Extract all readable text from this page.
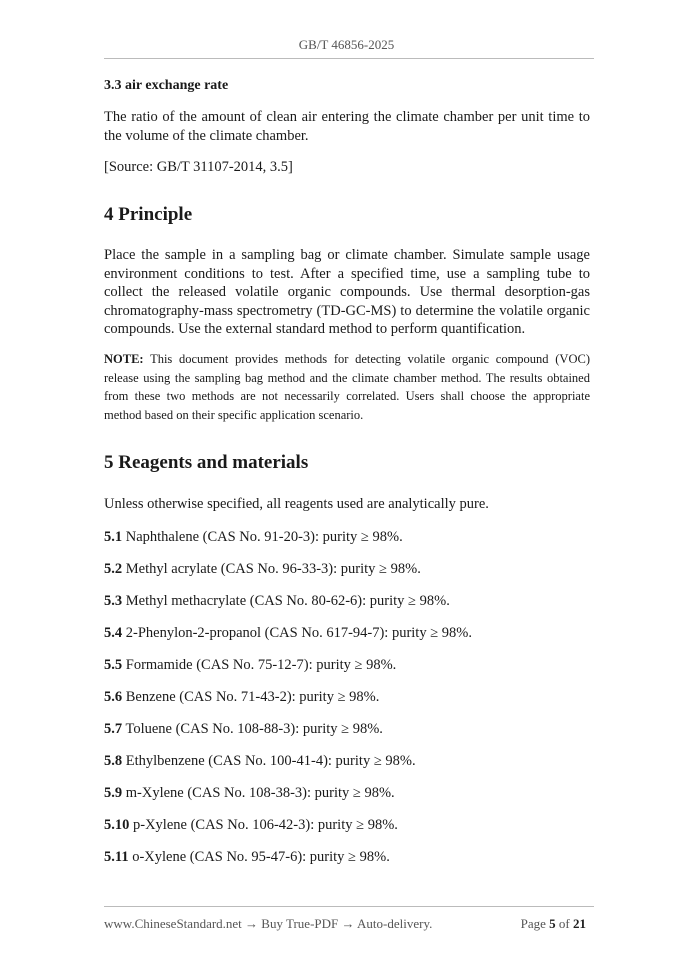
GB/T 46856-2025
3.3 air exchange rate
The ratio of the amount of clean air entering the climate chamber per unit time to the volume of the climate chamber.
[Source: GB/T 31107-2014, 3.5]
4 Principle
Place the sample in a sampling bag or climate chamber. Simulate sample usage environment conditions to test. After a specified time, use a sampling tube to collect the released volatile organic compounds. Use thermal desorption-gas chromatography-mass spectrometry (TD-GC-MS) to determine the volatile organic compounds. Use the external standard method to perform quantification.
NOTE: This document provides methods for detecting volatile organic compound (VOC) release using the sampling bag method and the climate chamber method. The results obtained from these two methods are not necessarily correlated. Users shall choose the appropriate method based on their specific application scenario.
5 Reagents and materials
Unless otherwise specified, all reagents used are analytically pure.
5.1 Naphthalene (CAS No. 91-20-3): purity ≥ 98%.
5.2 Methyl acrylate (CAS No. 96-33-3): purity ≥ 98%.
5.3 Methyl methacrylate (CAS No. 80-62-6): purity ≥ 98%.
5.4 2-Phenylon-2-propanol (CAS No. 617-94-7): purity ≥ 98%.
5.5 Formamide (CAS No. 75-12-7): purity ≥ 98%.
5.6 Benzene (CAS No. 71-43-2): purity ≥ 98%.
5.7 Toluene (CAS No. 108-88-3): purity ≥ 98%.
5.8 Ethylbenzene (CAS No. 100-41-4): purity ≥ 98%.
5.9 m-Xylene (CAS No. 108-38-3): purity ≥ 98%.
5.10 p-Xylene (CAS No. 106-42-3): purity ≥ 98%.
5.11 o-Xylene (CAS No. 95-47-6): purity ≥ 98%.
www.ChineseStandard.net → Buy True-PDF → Auto-delivery.	Page 5 of 21
